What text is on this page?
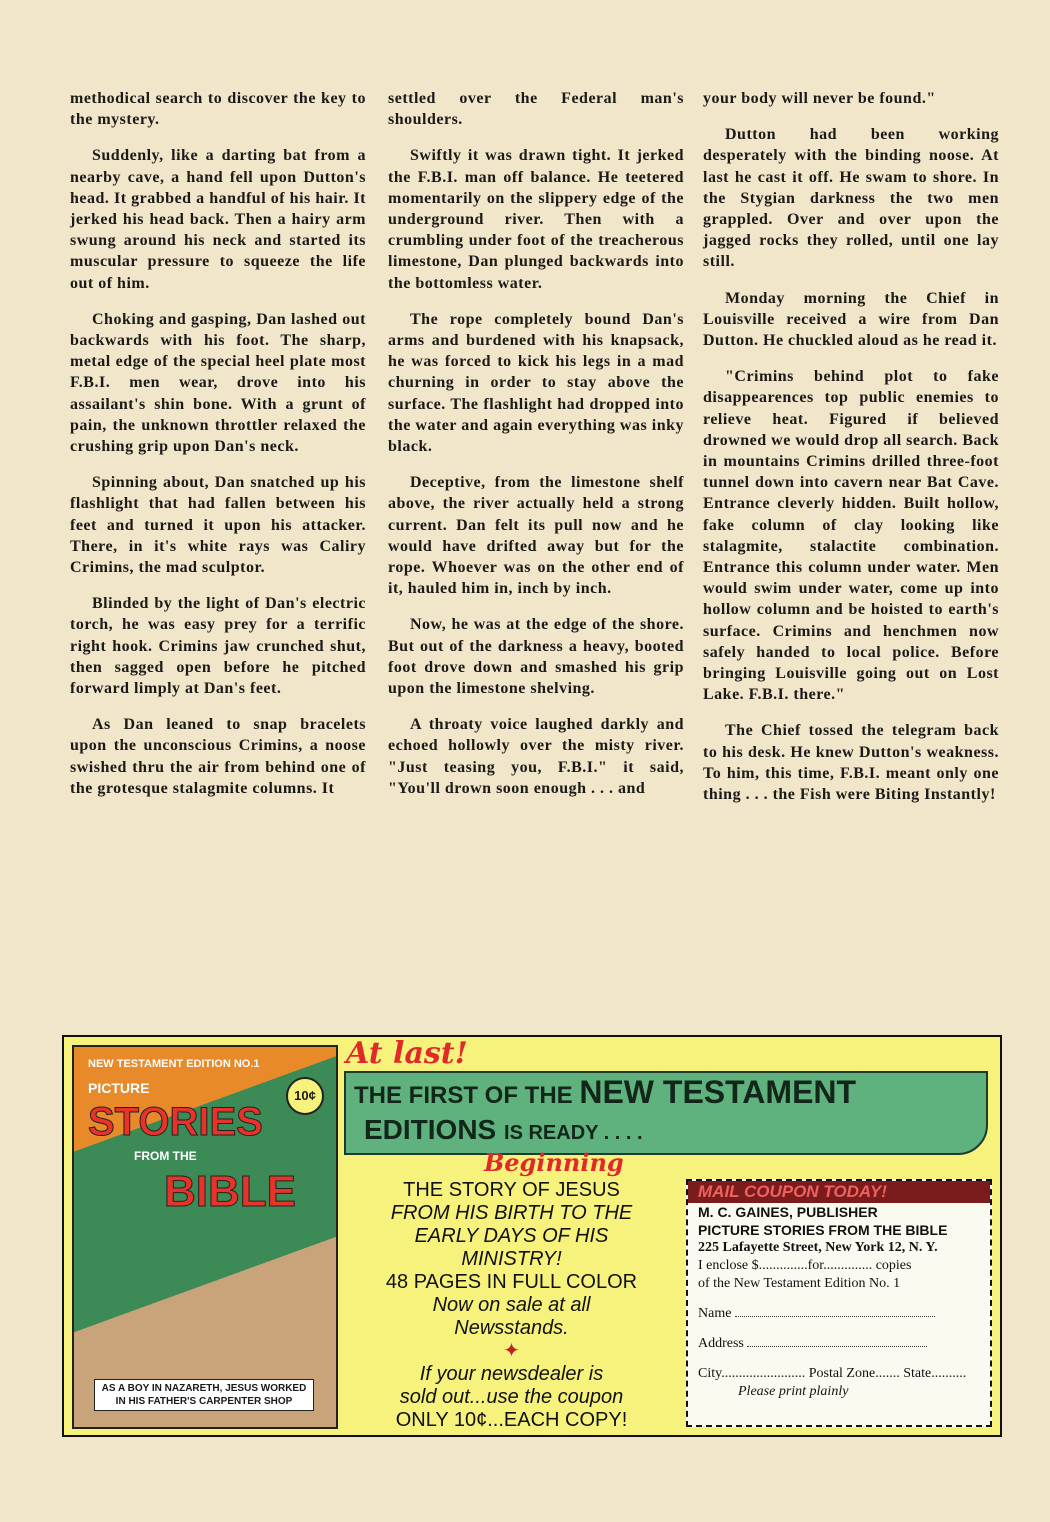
methodical search to discover the key to the mystery.

Suddenly, like a darting bat from a nearby cave, a hand fell upon Dutton's head. It grabbed a handful of his hair. It jerked his head back. Then a hairy arm swung around his neck and started its muscular pressure to squeeze the life out of him.

Choking and gasping, Dan lashed out backwards with his foot. The sharp, metal edge of the special heel plate most F.B.I. men wear, drove into his assailant's shin bone. With a grunt of pain, the unknown throttler relaxed the crushing grip upon Dan's neck.

Spinning about, Dan snatched up his flashlight that had fallen between his feet and turned it upon his attacker. There, in it's white rays was Caliry Crimins, the mad sculptor.

Blinded by the light of Dan's electric torch, he was easy prey for a terrific right hook. Crimins jaw crunched shut, then sagged open before he pitched forward limply at Dan's feet.

As Dan leaned to snap bracelets upon the unconscious Crimins, a noose swished thru the air from behind one of the grotesque stalagmite columns. It

settled over the Federal man's shoulders.

Swiftly it was drawn tight. It jerked the F.B.I. man off balance. He teetered momentarily on the slippery edge of the underground river. Then with a crumbling under foot of the treacherous limestone, Dan plunged backwards into the bottomless water.

The rope completely bound Dan's arms and burdened with his knapsack, he was forced to kick his legs in a mad churning in order to stay above the surface. The flashlight had dropped into the water and again everything was inky black.

Deceptive, from the limestone shelf above, the river actually held a strong current. Dan felt its pull now and he would have drifted away but for the rope. Whoever was on the other end of it, hauled him in, inch by inch.

Now, he was at the edge of the shore. But out of the darkness a heavy, booted foot drove down and smashed his grip upon the limestone shelving.

A throaty voice laughed darkly and echoed hollowly over the misty river. "Just teasing you, F.B.I." it said, "You'll drown soon enough . . . and

your body will never be found."

Dutton had been working desperately with the binding noose. At last he cast it off. He swam to shore. In the Stygian darkness the two men grappled. Over and over upon the jagged rocks they rolled, until one lay still.

Monday morning the Chief in Louisville received a wire from Dan Dutton. He chuckled aloud as he read it.

"Crimins behind plot to fake disappearences top public enemies to relieve heat. Figured if believed drowned we would drop all search. Back in mountains Crimins drilled three-foot tunnel down into cavern near Bat Cave. Entrance cleverly hidden. Built hollow, fake column of clay looking like stalagmite, stalactite combination. Entrance this column under water. Men would swim under water, come up into hollow column and be hoisted to earth's surface. Crimins and henchmen now safely handed to local police. Before bringing Louisville going out on Lost Lake. F.B.I. there."

The Chief tossed the telegram back to his desk. He knew Dutton's weakness. To him, this time, F.B.I. meant only one thing . . . the Fish were Biting Instantly!

NEW TESTAMENT EDITION NO.1
PICTURE
STORIES
FROM THE
BIBLE
10¢
AS A BOY IN NAZARETH, JESUS WORKED IN HIS FATHER'S CARPENTER SHOP
At last!
THE FIRST OF THE NEW TESTAMENT
EDITIONS IS READY . . . .
Beginning
THE STORY OF JESUS
FROM HIS BIRTH TO THE
EARLY DAYS OF HIS
MINISTRY!
48 PAGES IN FULL COLOR
Now on sale at all
Newsstands.
✦
If your newsdealer is
sold out...use the coupon
ONLY 10¢...EACH COPY!
MAIL COUPON TODAY!
M. C. GAINES, PUBLISHER
PICTURE STORIES FROM THE BIBLE
225 Lafayette Street, New York 12, N. Y.
I enclose $..............for.............. copies
of the New Testament Edition No. 1
Name
Address
City........................ Postal Zone....... State..........
Please print plainly
